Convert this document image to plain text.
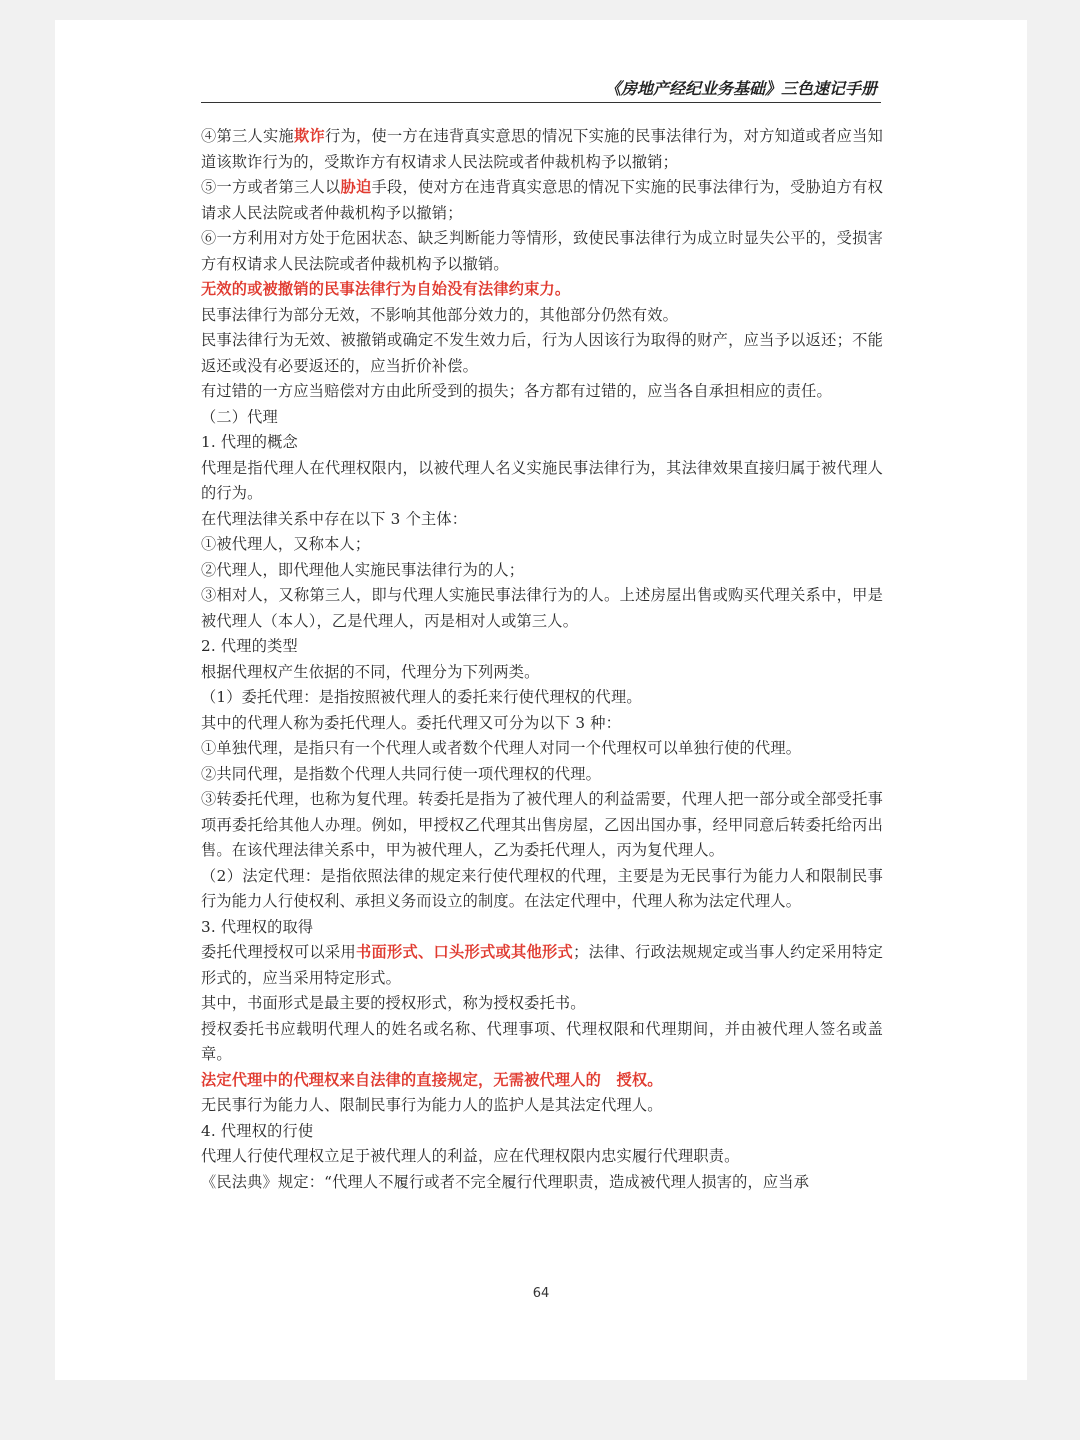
《房地产经纪业务基础》三色速记手册

④第三人实施欺诈行为，使一方在违背真实意思的情况下实施的民事法律行为，对方知道或者应当知道该欺诈行为的，受欺诈方有权请求人民法院或者仲裁机构予以撤销；

⑤一方或者第三人以胁迫手段，使对方在违背真实意思的情况下实施的民事法律行为，受胁迫方有权请求人民法院或者仲裁机构予以撤销；

⑥一方利用对方处于危困状态、缺乏判断能力等情形，致使民事法律行为成立时显失公平的，受损害方有权请求人民法院或者仲裁机构予以撤销。

无效的或被撤销的民事法律行为自始没有法律约束力。

民事法律行为部分无效，不影响其他部分效力的，其他部分仍然有效。

民事法律行为无效、被撤销或确定不发生效力后，行为人因该行为取得的财产，应当予以返还；不能返还或没有必要返还的，应当折价补偿。

有过错的一方应当赔偿对方由此所受到的损失；各方都有过错的，应当各自承担相应的责任。

（二）代理

1. 代理的概念

代理是指代理人在代理权限内，以被代理人名义实施民事法律行为，其法律效果直接归属于被代理人的行为。

在代理法律关系中存在以下 3 个主体：

①被代理人，又称本人；

②代理人，即代理他人实施民事法律行为的人；

③相对人，又称第三人，即与代理人实施民事法律行为的人。上述房屋出售或购买代理关系中，甲是被代理人（本人），乙是代理人，丙是相对人或第三人。

2. 代理的类型

根据代理权产生依据的不同，代理分为下列两类。

（1）委托代理：是指按照被代理人的委托来行使代理权的代理。

其中的代理人称为委托代理人。委托代理又可分为以下 3 种：

①单独代理，是指只有一个代理人或者数个代理人对同一个代理权可以单独行使的代理。

②共同代理，是指数个代理人共同行使一项代理权的代理。

③转委托代理，也称为复代理。转委托是指为了被代理人的利益需要，代理人把一部分或全部受托事项再委托给其他人办理。例如，甲授权乙代理其出售房屋，乙因出国办事，经甲同意后转委托给丙出售。在该代理法律关系中，甲为被代理人，乙为委托代理人，丙为复代理人。

（2）法定代理：是指依照法律的规定来行使代理权的代理，主要是为无民事行为能力人和限制民事行为能力人行使权利、承担义务而设立的制度。在法定代理中，代理人称为法定代理人。

3. 代理权的取得

委托代理授权可以采用书面形式、口头形式或其他形式；法律、行政法规规定或当事人约定采用特定形式的，应当采用特定形式。

其中，书面形式是最主要的授权形式，称为授权委托书。

授权委托书应载明代理人的姓名或名称、代理事项、代理权限和代理期间，并由被代理人签名或盖章。

法定代理中的代理权来自法律的直接规定，无需被代理人的　授权。

无民事行为能力人、限制民事行为能力人的监护人是其法定代理人。

4. 代理权的行使

代理人行使代理权立足于被代理人的利益，应在代理权限内忠实履行代理职责。

《民法典》规定：“代理人不履行或者不完全履行代理职责，造成被代理人损害的，应当承

64
